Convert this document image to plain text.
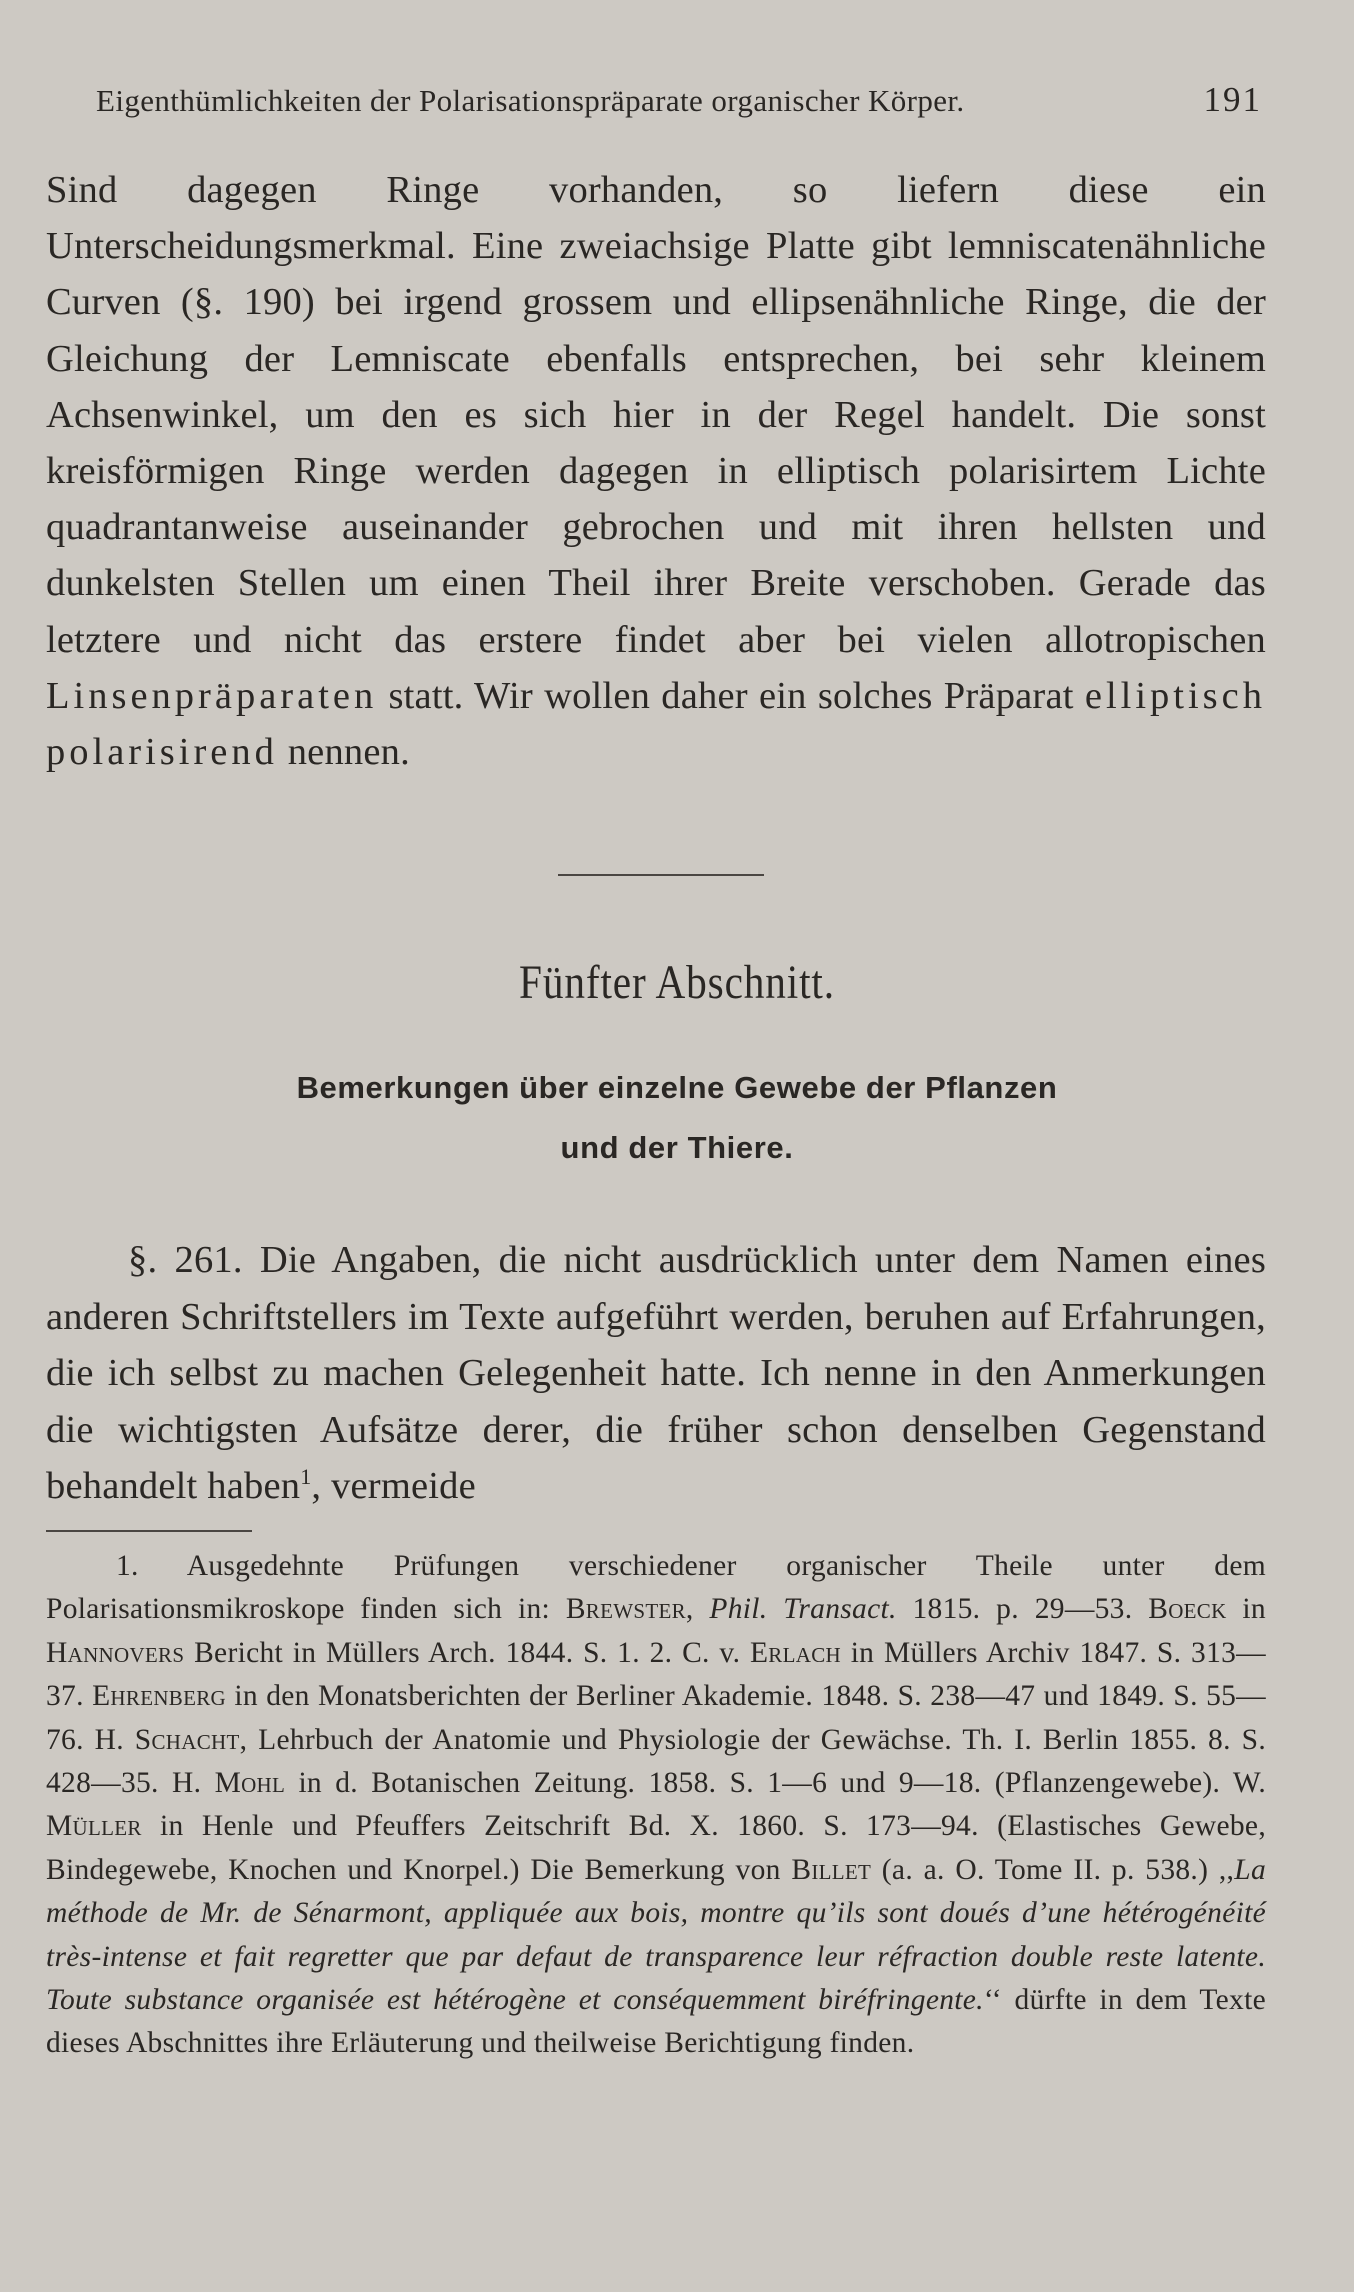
Eigenthümlichkeiten der Polarisationspräparate organischer Körper.	191

Sind dagegen Ringe vorhanden, so liefern diese ein Unterscheidungsmerkmal. Eine zweiachsige Platte gibt lemniscatenähnliche Curven (§. 190) bei irgend grossem und ellipsenähnliche Ringe, die der Gleichung der Lemniscate ebenfalls entsprechen, bei sehr kleinem Achsenwinkel, um den es sich hier in der Regel handelt. Die sonst kreisförmigen Ringe werden dagegen in elliptisch polarisirtem Lichte quadrantanweise auseinander gebrochen und mit ihren hellsten und dunkelsten Stellen um einen Theil ihrer Breite verschoben. Gerade das letztere und nicht das erstere findet aber bei vielen allotropischen Linsenpräparaten statt. Wir wollen daher ein solches Präparat elliptisch polarisirend nennen.

Fünfter Abschnitt.
Bemerkungen über einzelne Gewebe der Pflanzen
und der Thiere.

§. 261. Die Angaben, die nicht ausdrücklich unter dem Namen eines anderen Schriftstellers im Texte aufgeführt werden, beruhen auf Erfahrungen, die ich selbst zu machen Gelegenheit hatte. Ich nenne in den Anmerkungen die wichtigsten Aufsätze derer, die früher schon denselben Gegenstand behandelt haben$^1$, vermeide

1. Ausgedehnte Prüfungen verschiedener organischer Theile unter dem Polarisationsmikroskope finden sich in: Brewster, Phil. Transact. 1815. p. 29—53. Boeck in Hannovers Bericht in Müllers Arch. 1844. S. 1. 2. C. v. Erlach in Müllers Archiv 1847. S. 313—37. Ehrenberg in den Monatsberichten der Berliner Akademie. 1848. S. 238—47 und 1849. S. 55—76. H. Schacht, Lehrbuch der Anatomie und Physiologie der Gewächse. Th. I. Berlin 1855. 8. S. 428—35. H. Mohl in d. Botanischen Zeitung. 1858. S. 1—6 und 9—18. (Pflanzengewebe). W. Müller in Henle und Pfeuffers Zeitschrift Bd. X. 1860. S. 173—94. (Elastisches Gewebe, Bindegewebe, Knochen und Knorpel.) Die Bemerkung von Billet (a. a. O. Tome II. p. 538.) ,,La méthode de Mr. de Sénarmont, appliquée aux bois, montre qu’ils sont doués d’une hétérogénéité très-intense et fait regretter que par defaut de transparence leur réfraction double reste latente. Toute substance organisée est hétérogène et conséquemment biréfringente.‘‘ dürfte in dem Texte dieses Abschnittes ihre Erläuterung und theilweise Berichtigung finden.
